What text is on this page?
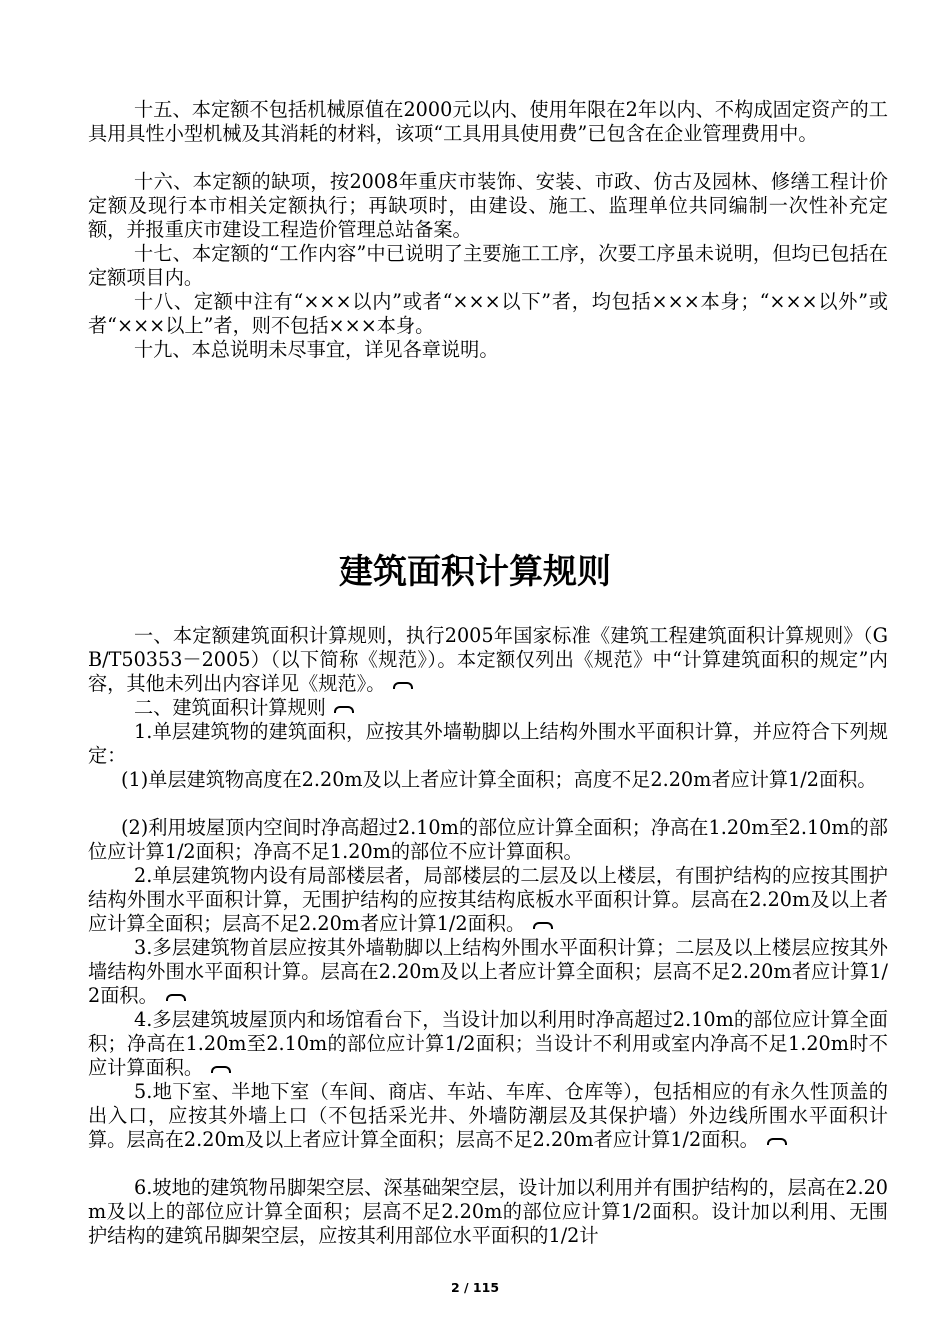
十五、本定额不包括机械原值在2000元以内、使用年限在2年以内、不构成固定资产的工具用具性小型机械及其消耗的材料，该项“工具用具使用费”已包含在企业管理费用中。

十六、本定额的缺项，按2008年重庆市装饰、安装、市政、仿古及园林、修缮工程计价定额及现行本市相关定额执行；再缺项时，由建设、施工、监理单位共同编制一次性补充定额，并报重庆市建设工程造价管理总站备案。

十七、本定额的“工作内容”中已说明了主要施工工序，次要工序虽未说明，但均已包括在定额项目内。

十八、定额中注有“×××以内”或者“×××以下”者，均包括×××本身；“×××以外”或者“×××以上”者，则不包括×××本身。

十九、本总说明未尽事宜，详见各章说明。

建筑面积计算规则

一、本定额建筑面积计算规则，执行2005年国家标准《建筑工程建筑面积计算规则》（GB/T50353－2005）（以下简称《规范》）。本定额仅列出《规范》中“计算建筑面积的规定”内容，其他未列出内容详见《规范》。

二、建筑面积计算规则

1.单层建筑物的建筑面积，应按其外墙勒脚以上结构外围水平面积计算，并应符合下列规定：

(1)单层建筑物高度在2.20m及以上者应计算全面积；高度不足2.20m者应计算1/2面积。

(2)利用坡屋顶内空间时净高超过2.10m的部位应计算全面积；净高在1.20m至2.10m的部位应计算1/2面积；净高不足1.20m的部位不应计算面积。

2.单层建筑物内设有局部楼层者，局部楼层的二层及以上楼层，有围护结构的应按其围护结构外围水平面积计算，无围护结构的应按其结构底板水平面积计算。层高在2.20m及以上者应计算全面积；层高不足2.20m者应计算1/2面积。

3.多层建筑物首层应按其外墙勒脚以上结构外围水平面积计算；二层及以上楼层应按其外墙结构外围水平面积计算。层高在2.20m及以上者应计算全面积；层高不足2.20m者应计算1/2面积。

4.多层建筑坡屋顶内和场馆看台下，当设计加以利用时净高超过2.10m的部位应计算全面积；净高在1.20m至2.10m的部位应计算1/2面积；当设计不利用或室内净高不足1.20m时不应计算面积。

5.地下室、半地下室（车间、商店、车站、车库、仓库等），包括相应的有永久性顶盖的出入口，应按其外墙上口（不包括采光井、外墙防潮层及其保护墙）外边线所围水平面积计算。层高在2.20m及以上者应计算全面积；层高不足2.20m者应计算1/2面积。

6.坡地的建筑物吊脚架空层、深基础架空层，设计加以利用并有围护结构的，层高在2.20m及以上的部位应计算全面积；层高不足2.20m的部位应计算1/2面积。设计加以利用、无围护结构的建筑吊脚架空层，应按其利用部位水平面积的1/2计

2 / 115
